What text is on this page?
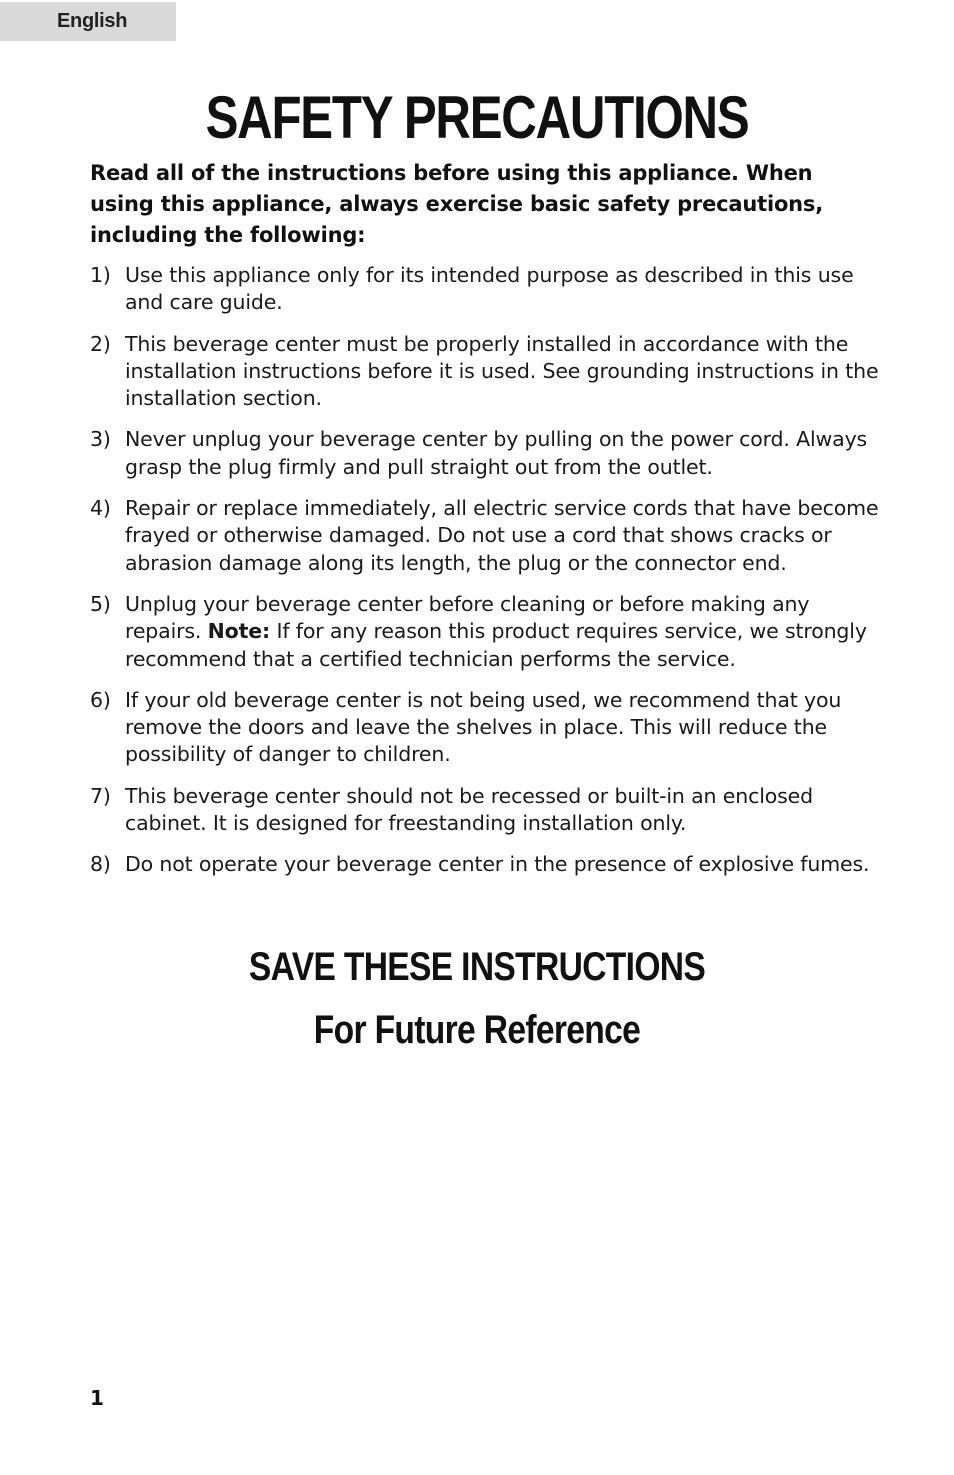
English
SAFETY PRECAUTIONS

Read all of the instructions before using this appliance. When using this appliance, always exercise basic safety precautions, including the following:

1) Use this appliance only for its intended purpose as described in this use and care guide.
2) This beverage center must be properly installed in accordance with the installation instructions before it is used. See grounding instructions in the installation section.
3) Never unplug your beverage center by pulling on the power cord. Always grasp the plug firmly and pull straight out from the outlet.
4) Repair or replace immediately, all electric service cords that have become frayed or otherwise damaged. Do not use a cord that shows cracks or abrasion damage along its length, the plug or the connector end.
5) Unplug your beverage center before cleaning or before making any repairs. Note: If for any reason this product requires service, we strongly recommend that a certified technician performs the service.
6) If your old beverage center is not being used, we recommend that you remove the doors and leave the shelves in place. This will reduce the possibility of danger to children.
7) This beverage center should not be recessed or built-in an enclosed cabinet. It is designed for freestanding installation only.
8) Do not operate your beverage center in the presence of explosive fumes.
SAVE THESE INSTRUCTIONS
For Future Reference
1
